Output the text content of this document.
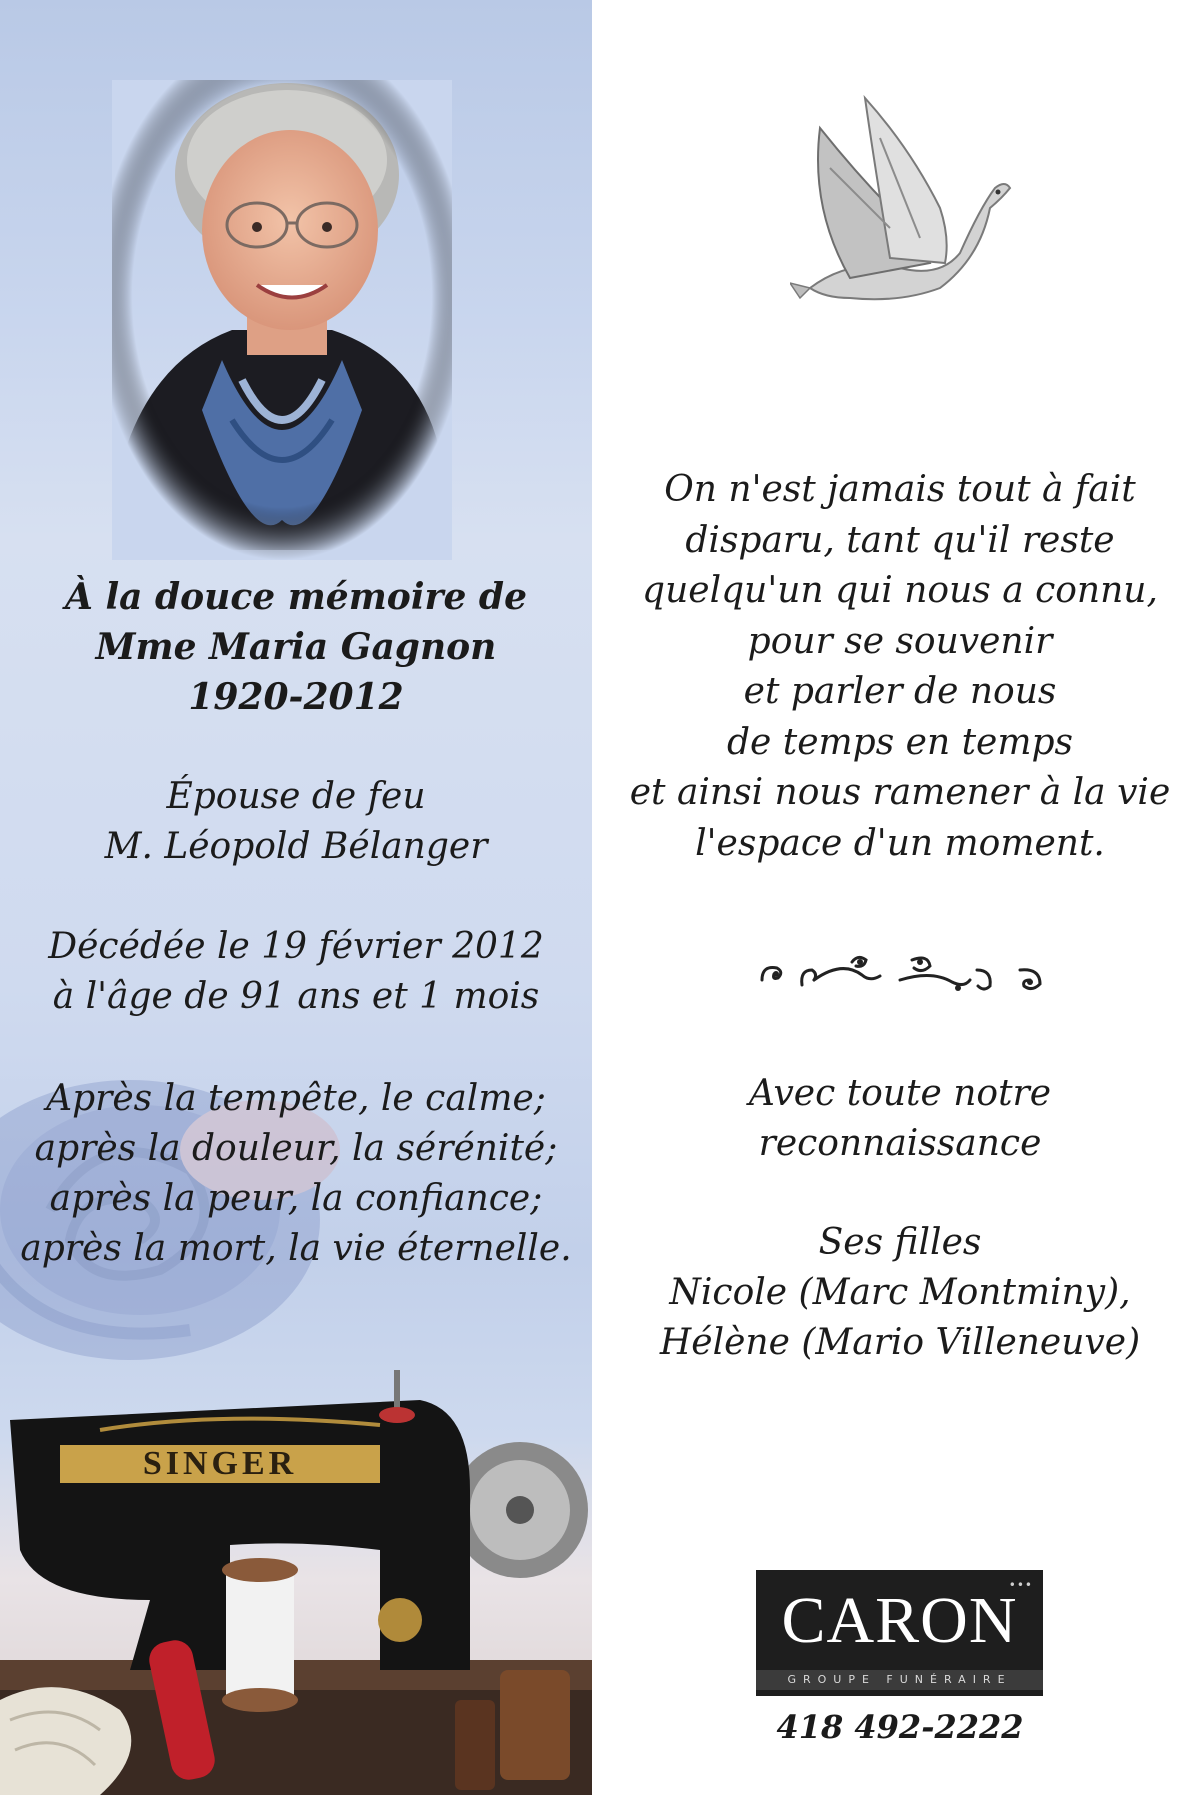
À la douce mémoire de
Mme Maria Gagnon
1920-2012
Épouse de feu
M. Léopold Bélanger
Décédée le 19 février 2012
à l'âge de 91 ans et 1 mois
Après la tempête, le calme;
après la douleur, la sérénité;
après la peur, la confiance;
après la mort, la vie éternelle.
SINGER
On n'est jamais tout à fait
disparu, tant qu'il reste
quelqu'un qui nous a connu,
pour se souvenir
et parler de nous
de temps en temps
et ainsi nous ramener à la vie
l'espace d'un moment.
Avec toute notre
reconnaissance
Ses filles
Nicole (Marc Montminy),
Hélène (Mario Villeneuve)
•••
CARON
GROUPE FUNÉRAIRE
418 492-2222
